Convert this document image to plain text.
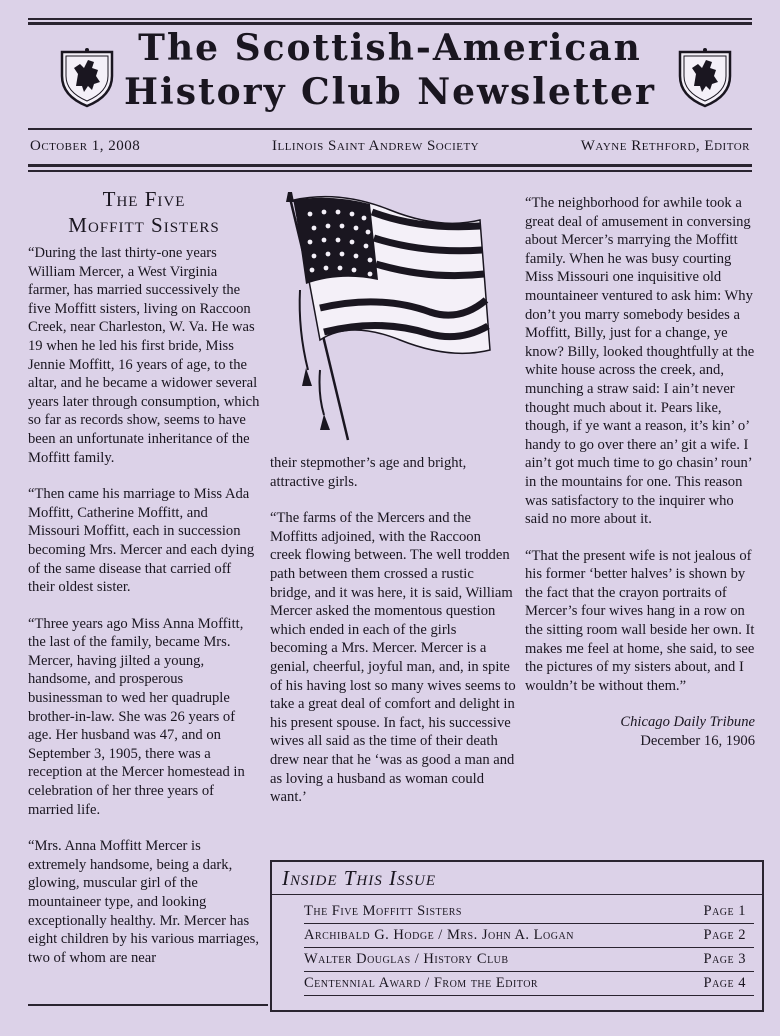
The Scottish-American
History Club Newsletter
October 1, 2008	Illinois Saint Andrew Society	Wayne Rethford, Editor
The Five
Moffitt Sisters

“During the last thirty-one years William Mercer, a West Virginia farmer, has married successively the five Moffitt sisters, living on Raccoon Creek, near Charleston, W. Va. He was 19 when he led his first bride, Miss Jennie Moffitt, 16 years of age, to the altar, and he became a widower several years later through consumption, which so far as records show, seems to have been an unfortunate inheritance of the Moffitt family.

“Then came his marriage to Miss Ada Moffitt, Catherine Moffitt, and Missouri Moffitt, each in succession becoming Mrs. Mercer and each dying of the same disease that carried off their oldest sister.

“Three years ago Miss Anna Moffitt, the last of the family, became Mrs. Mercer, having jilted a young, handsome, and prosperous businessman to wed her quadruple brother-in-law. She was 26 years of age. Her husband was 47, and on September 3, 1905, there was a reception at the Mercer homestead in celebration of her three years of married life.

“Mrs. Anna Moffitt Mercer is extremely handsome, being a dark, glowing, muscular girl of the mountaineer type, and looking exceptionally healthy. Mr. Mercer has eight children by his various marriages, two of whom are near

their stepmother’s age and bright, attractive girls.

“The farms of the Mercers and the Moffitts adjoined, with the Raccoon creek flowing between. The well trodden path between them crossed a rustic bridge, and it was here, it is said, William Mercer asked the momentous question which ended in each of the girls becoming a Mrs. Mercer. Mercer is a genial, cheerful, joyful man, and, in spite of his having lost so many wives seems to take a great deal of comfort and delight in his present spouse. In fact, his successive wives all said as the time of their death drew near that he ‘was as good a man and as loving a husband as woman could want.’

“The neighborhood for awhile took a great deal of amusement in conversing about Mercer’s marrying the Moffitt family. When he was busy courting Miss Missouri one inquisitive old mountaineer ventured to ask him: Why don’t you marry somebody besides a Moffitt, Billy, just for a change, ye know? Billy, looked thoughtfully at the white house across the creek, and, munching a straw said: I ain’t never thought much about it. Pears like, though, if ye want a reason, it’s kin’ o’ handy to go over there an’ git a wife. I ain’t got much time to go chasin’ roun’ in the mountains for one. This reason was satisfactory to the inquirer who said no more about it.

“That the present wife is not jealous of his former ‘better halves’ is shown by the fact that the crayon portraits of Mercer’s four wives hang in a row on the sitting room wall beside her own. It makes me feel at home, she said, to see the pictures of my sisters about, and I wouldn’t be without them.”

Chicago Daily Tribune
December 16, 1906
Inside This Issue
The Five Moffitt Sisters	Page 1
Archibald G. Hodge / Mrs. John A. Logan	Page 2
Walter Douglas / History Club	Page 3
Centennial Award / From the Editor	Page 4
